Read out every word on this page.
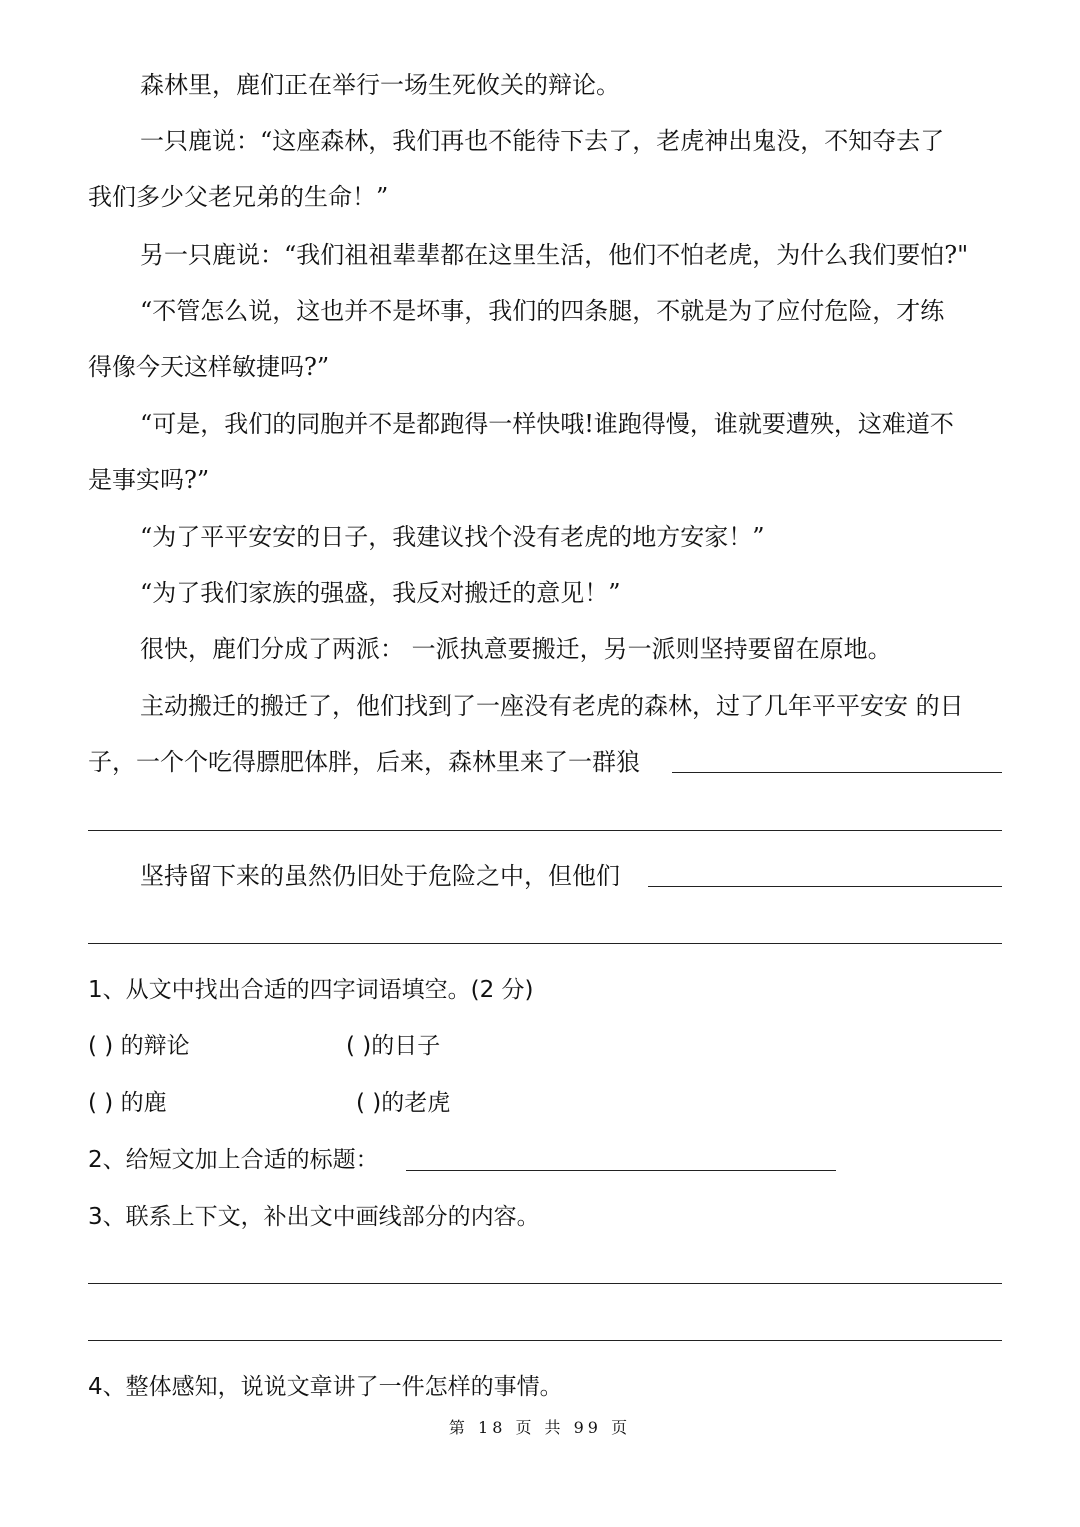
森林里，鹿们正在举行一场生死攸关的辩论。
一只鹿说：“这座森林，我们再也不能待下去了，老虎神出鬼没，不知夺去了
我们多少父老兄弟的生命！”
另一只鹿说：“我们祖祖辈辈都在这里生活，他们不怕老虎，为什么我们要怕?"
“不管怎么说，这也并不是坏事，我们的四条腿，不就是为了应付危险，才练
得像今天这样敏捷吗?”
“可是，我们的同胞并不是都跑得一样快哦!谁跑得慢，谁就要遭殃，这难道不
是事实吗?”
“为了平平安安的日子，我建议找个没有老虎的地方安家！”
“为了我们家族的强盛，我反对搬迁的意见！”
很快，鹿们分成了两派： 一派执意要搬迁，另一派则坚持要留在原地。
主动搬迁的搬迁了，他们找到了一座没有老虎的森林，过了几年平平安安 的日
子，一个个吃得膘肥体胖，后来，森林里来了一群狼
坚持留下来的虽然仍旧处于危险之中，但他们
1、从文中找出合适的四字词语填空。(2 分)
( ) 的辩论	( )的日子
( ) 的鹿	( )的老虎
2、给短文加上合适的标题：
3、联系上下文，补出文中画线部分的内容。
4、整体感知，说说文章讲了一件怎样的事情。
第 18 页 共 99 页
